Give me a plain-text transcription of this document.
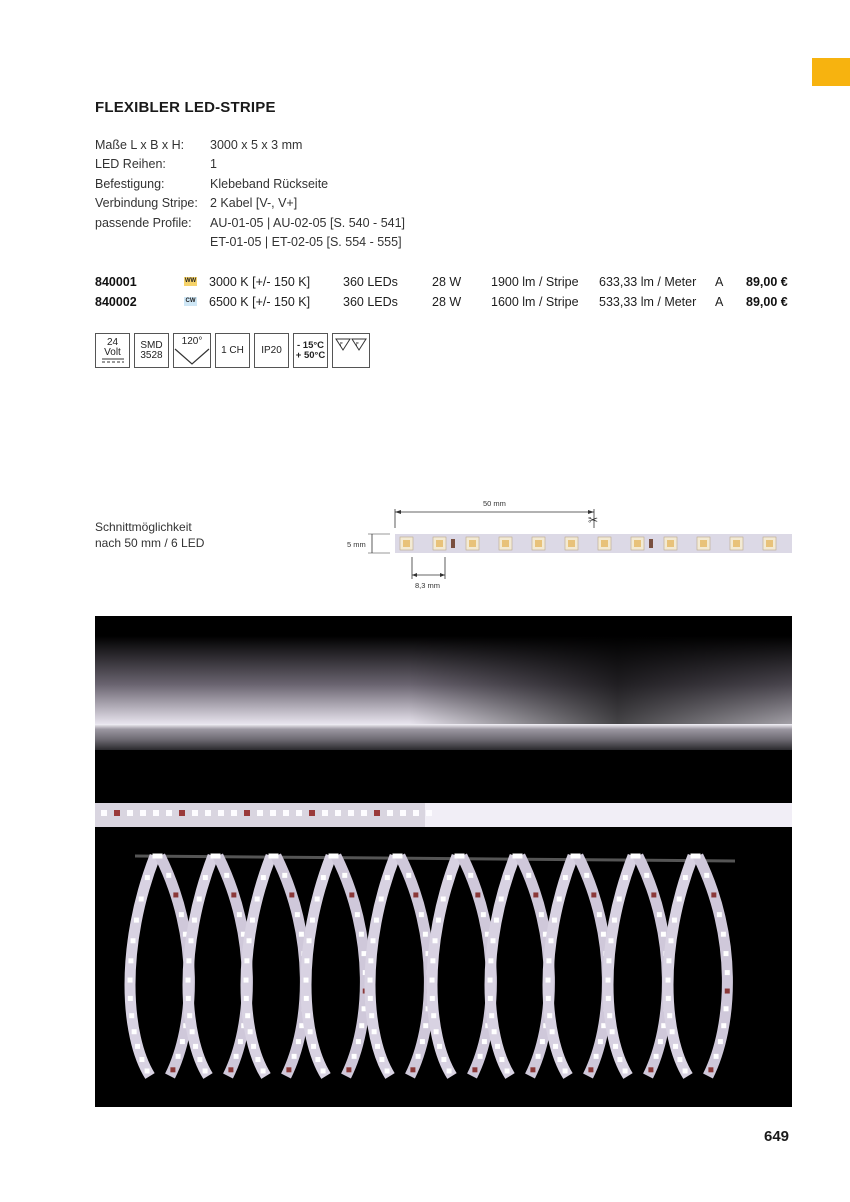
FLEXIBLER LED-STRIPE
Maße L x B x H:	3000 x 5 x 3 mm
LED Reihen:	1
Befestigung:	Klebeband Rückseite
Verbindung Stripe: 2 Kabel [V-, V+]
passende Profile:	AU-01-05 | AU-02-05 [S. 540 - 541]
ET-01-05 | ET-02-05 [S. 554 - 555]
840001	WW 3000 K [+/- 150 K]	360 LEDs	28 W 1900 lm / Stripe 633,33 lm / Meter A 89,00 €
840002	CW 6500 K [+/- 150 K]	360 LEDs	28 W 1600 lm / Stripe 533,33 lm / Meter A 89,00 €
24
Volt
SMD
3528
120°
1 CH IP20 - 15°C
+ 50°C
F	F
Schnittmöglichkeit
nach 50 mm / 6 LED
50 mm
✂
5 mm
8,3 mm
649
